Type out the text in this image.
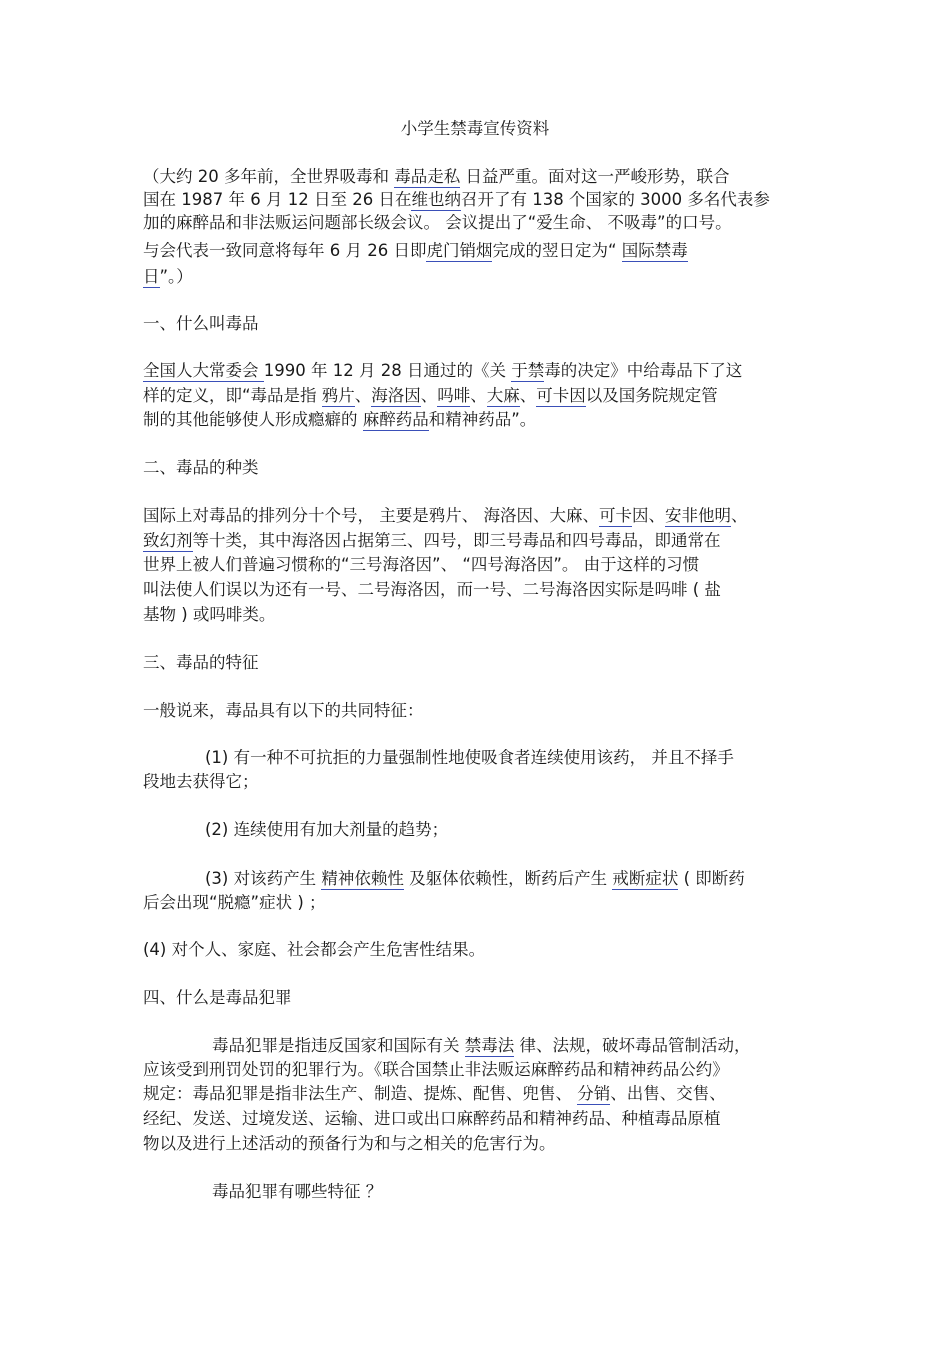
小学生禁毒宣传资料
（大约 20 多年前，全世界吸毒和 毒品走私 日益严重。面对这一严峻形势，联合
国在 1987 年 6 月 12 日至 26 日在维也纳召开了有 138 个国家的 3000 多名代表参
加的麻醉品和非法贩运问题部长级会议。 会议提出了“爱生命、 不吸毒”的口号。
与会代表一致同意将每年 6 月 26 日即虎门销烟完成的翌日定为“ 国际禁毒
日”。）
一、什么叫毒品
全国人大常委会 1990 年 12 月 28 日通过的《关 于禁毒的决定》中给毒品下了这
样的定义，即“毒品是指 鸦片、海洛因、吗啡、大麻、可卡因以及国务院规定管
制的其他能够使人形成瘾癖的 麻醉药品和精神药品”。
二、毒品的种类
国际上对毒品的排列分十个号， 主要是鸦片、 海洛因、大麻、可卡因、安非他明、
致幻剂等十类，其中海洛因占据第三、四号，即三号毒品和四号毒品，即通常在
世界上被人们普遍习惯称的“三号海洛因”、 “四号海洛因”。 由于这样的习惯
叫法使人们误以为还有一号、二号海洛因，而一号、二号海洛因实际是吗啡 ( 盐
基物 ) 或吗啡类。
三、毒品的特征
一般说来，毒品具有以下的共同特征：
(1) 有一种不可抗拒的力量强制性地使吸食者连续使用该药， 并且不择手
段地去获得它；
(2) 连续使用有加大剂量的趋势；
(3) 对该药产生 精神依赖性 及躯体依赖性，断药后产生 戒断症状 ( 即断药
后会出现“脱瘾”症状 ) ；
(4) 对个人、家庭、社会都会产生危害性结果。
四、什么是毒品犯罪
毒品犯罪是指违反国家和国际有关 禁毒法 律、法规，破坏毒品管制活动，
应该受到刑罚处罚的犯罪行为。《联合国禁止非法贩运麻醉药品和精神药品公约》
规定：毒品犯罪是指非法生产、制造、提炼、配售、兜售、 分销、出售、交售、
经纪、发送、过境发送、运输、进口或出口麻醉药品和精神药品、种植毒品原植
物以及进行上述活动的预备行为和与之相关的危害行为。
毒品犯罪有哪些特征 ？
